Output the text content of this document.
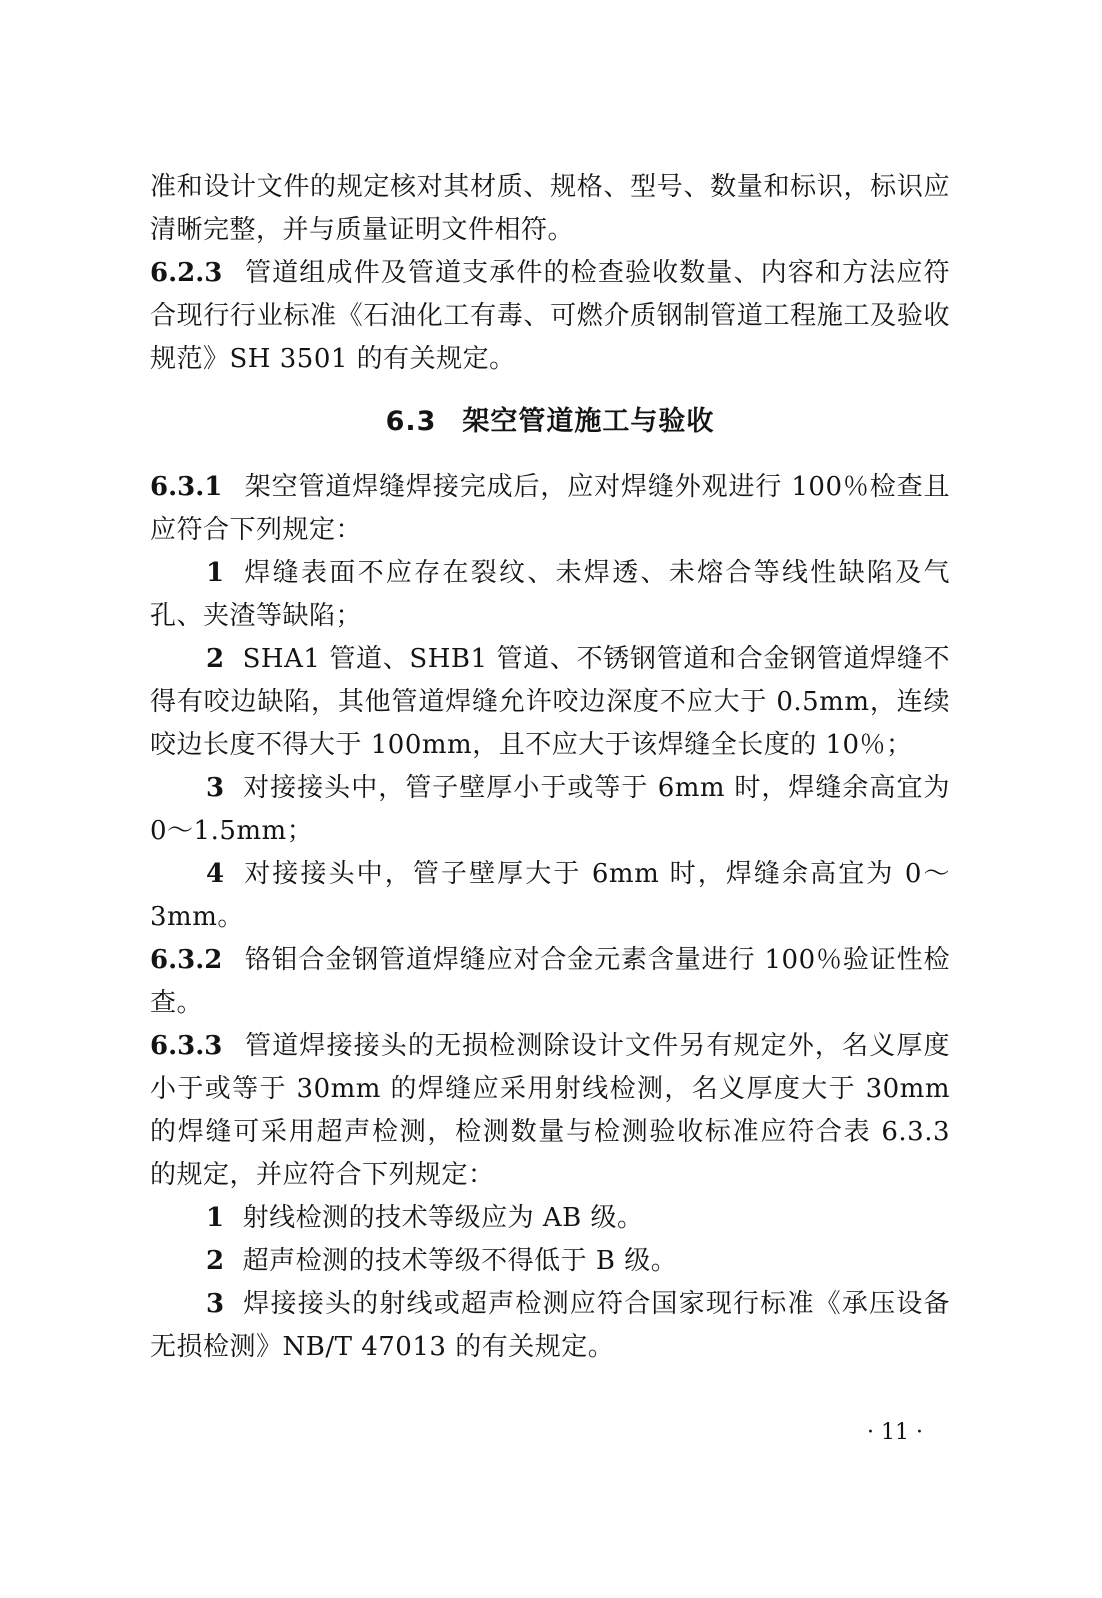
准和设计文件的规定核对其材质、规格、型号、数量和标识，标识应清晰完整，并与质量证明文件相符。

6.2.3 管道组成件及管道支承件的检查验收数量、内容和方法应符合现行行业标准《石油化工有毒、可燃介质钢制管道工程施工及验收规范》SH 3501 的有关规定。

6.3 架空管道施工与验收

6.3.1 架空管道焊缝焊接完成后，应对焊缝外观进行 100％检查且应符合下列规定：

1 焊缝表面不应存在裂纹、未焊透、未熔合等线性缺陷及气孔、夹渣等缺陷；

2 SHA1 管道、SHB1 管道、不锈钢管道和合金钢管道焊缝不得有咬边缺陷，其他管道焊缝允许咬边深度不应大于 0.5mm，连续咬边长度不得大于 100mm，且不应大于该焊缝全长度的 10％；

3 对接接头中，管子壁厚小于或等于 6mm 时，焊缝余高宜为 0～1.5mm；

4 对接接头中，管子壁厚大于 6mm 时，焊缝余高宜为 0～3mm。

6.3.2 铬钼合金钢管道焊缝应对合金元素含量进行 100％验证性检查。

6.3.3 管道焊接接头的无损检测除设计文件另有规定外，名义厚度小于或等于 30mm 的焊缝应采用射线检测，名义厚度大于 30mm 的焊缝可采用超声检测，检测数量与检测验收标准应符合表 6.3.3 的规定，并应符合下列规定：

1 射线检测的技术等级应为 AB 级。

2 超声检测的技术等级不得低于 B 级。

3 焊接接头的射线或超声检测应符合国家现行标准《承压设备无损检测》NB/T 47013 的有关规定。

· 11 ·
